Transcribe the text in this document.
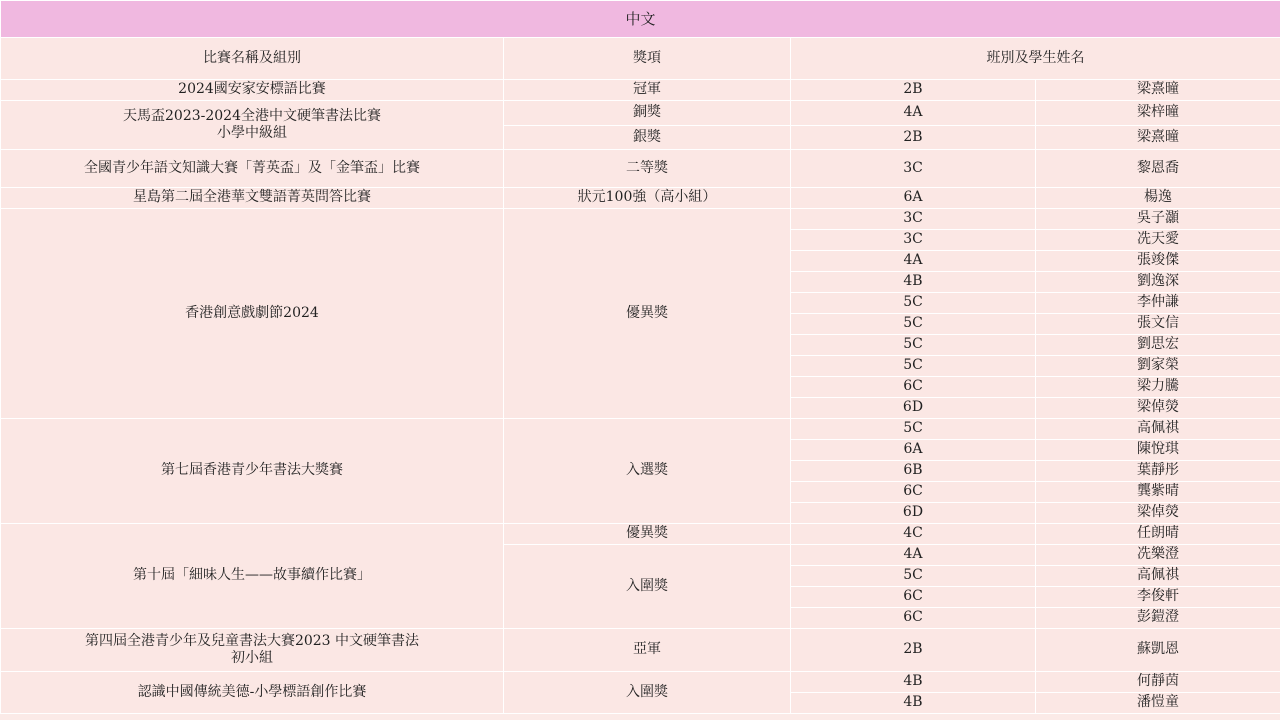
中文			
比賽名稱及組別	獎項	班別及學生姓名	
2024國安家安標語比賽	冠軍	2B	梁熹曈
天馬盃2023-2024全港中文硬筆書法比賽
小學中級組	銅獎	4A	梁梓曈
	銀獎	2B	梁熹曈
全國青少年語文知識大賽「菁英盃」及「金筆盃」比賽	二等獎	3C	黎恩喬
星島第二屆全港華文雙語菁英問答比賽	狀元100強（高小組）	6A	楊逸
香港創意戲劇節2024	優異獎	3C	吳子灝
		3C	冼天愛
		4A	張竣傑
		4B	劉逸深
		5C	李仲謙
		5C	張文信
		5C	劉思宏
		5C	劉家榮
		6C	梁力騰
		6D	梁倬熒
第七屆香港青少年書法大獎賽	入選獎	5C	高佩祺
		6A	陳悅琪
		6B	葉靜彤
		6C	龔紫晴
		6D	梁倬熒
第十屆「細味人生——故事續作比賽」	優異獎	4C	任朗晴
	入圍獎	4A	冼樂澄
		5C	高佩祺
		6C	李俊軒
		6C	彭鎧澄
第四屆全港青少年及兒童書法大賽2023 中文硬筆書法
初小組	亞軍	2B	蘇凱恩
認識中國傳統美德-小學標語創作比賽	入圍獎	4B	何靜茵
		4B	潘愷童
